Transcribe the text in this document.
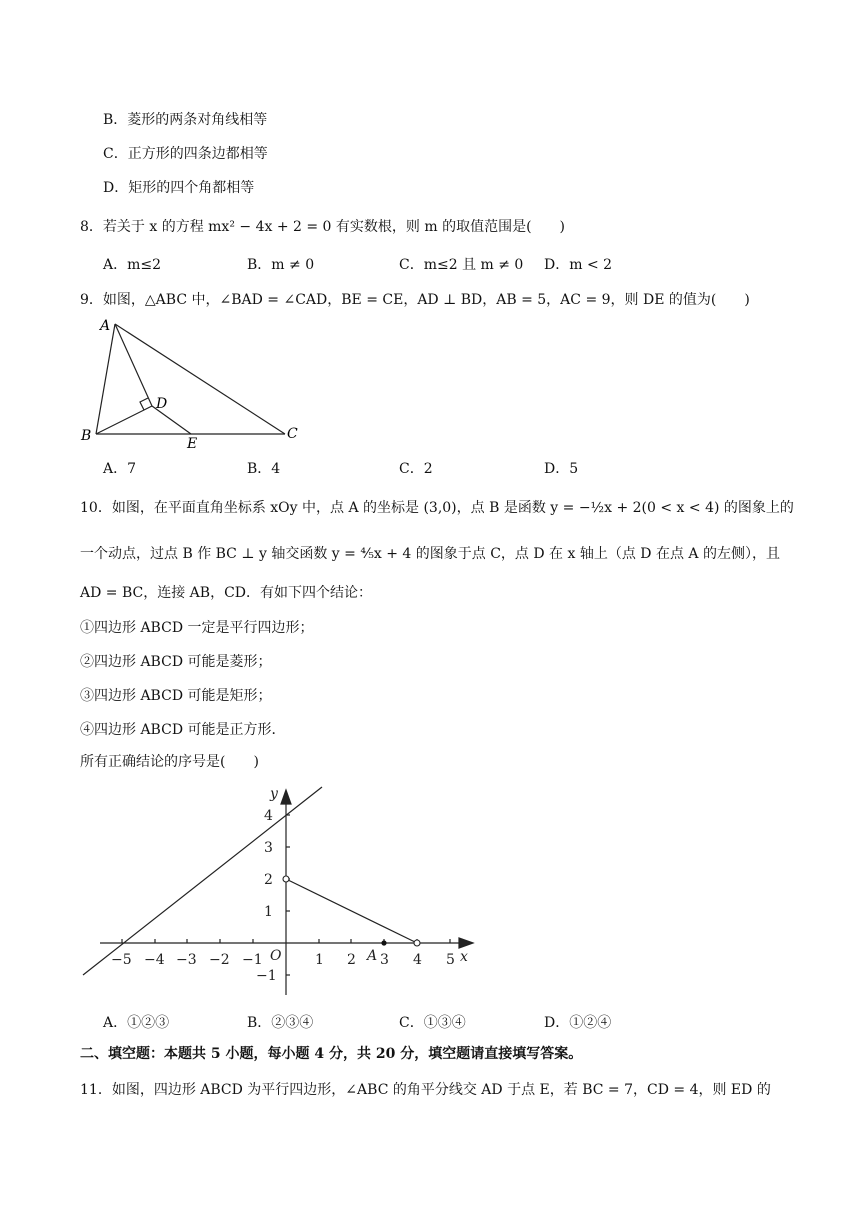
B．菱形的两条对角线相等
C．正方形的四条边都相等
D．矩形的四个角都相等
8．若关于 x 的方程 mx² − 4x + 2 = 0 有实数根，则 m 的取值范围是(　　)
A．m≤2	B．m ≠ 0	C．m≤2 且 m ≠ 0 D．m < 2
9．如图，△ABC 中，∠BAD = ∠CAD，BE = CE，AD ⊥ BD，AB = 5，AC = 9，则 DE 的值为(　　)
A
B	C
D
E
A．7	B．4	C．2	D．5
10．如图，在平面直角坐标系 xOy 中，点 A 的坐标是 (3,0)，点 B 是函数 y = −½x + 2(0 < x < 4) 的图象上的
一个动点，过点 B 作 BC ⊥ y 轴交函数 y = ⅘x + 4 的图象于点 C，点 D 在 x 轴上（点 D 在点 A 的左侧），且
AD = BC，连接 AB，CD．有如下四个结论：
①四边形 ABCD 一定是平行四边形；
②四边形 ABCD 可能是菱形；
③四边形 ABCD 可能是矩形；
④四边形 ABCD 可能是正方形．
所有正确结论的序号是(　　)
−5 −4 −3 −2 −1	1 2 3 4 5
4
3
2
1
−1
O	A	x
y
A．①②③	B．②③④	C．①③④	D．①②④
二、填空题：本题共 5 小题，每小题 4 分，共 20 分，填空题请直接填写答案。
11．如图，四边形 ABCD 为平行四边形，∠ABC 的角平分线交 AD 于点 E，若 BC = 7，CD = 4，则 ED 的
